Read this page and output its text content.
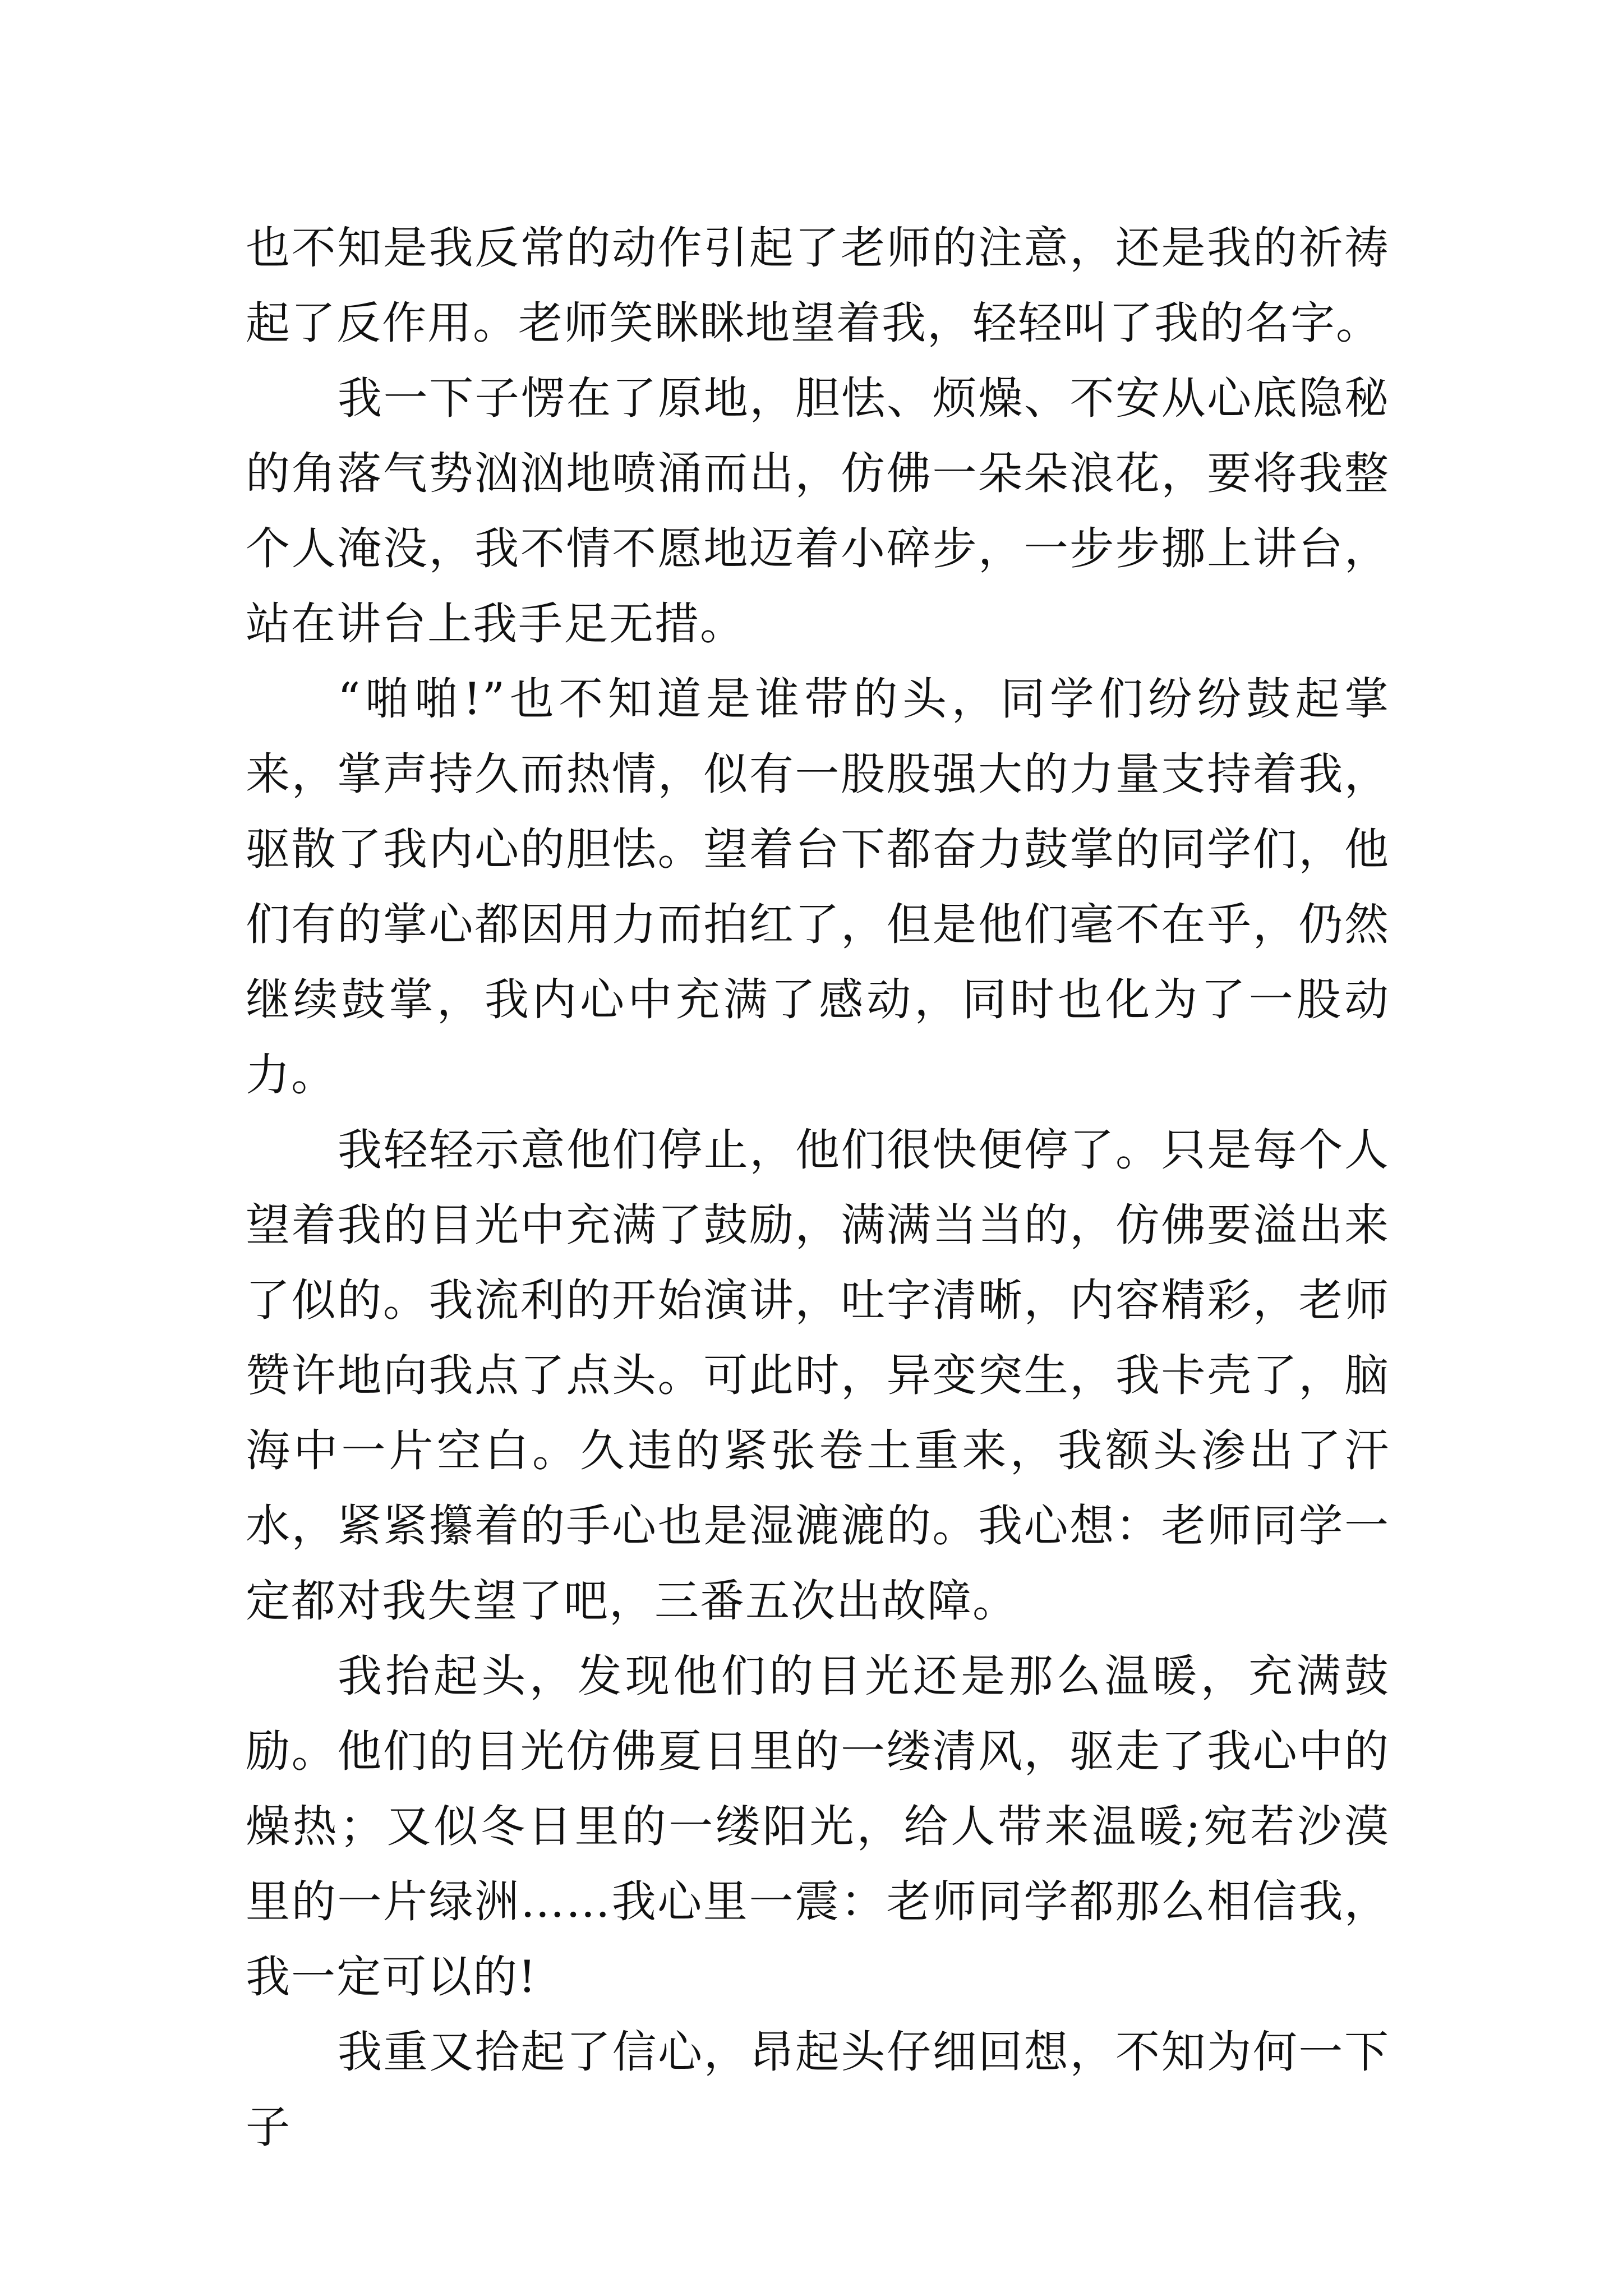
也不知是我反常的动作引起了老师的注意，还是我的祈祷起了反作用。老师笑眯眯地望着我，轻轻叫了我的名字。

我一下子愣在了原地，胆怯、烦燥、不安从心底隐秘的角落气势汹汹地喷涌而出，仿佛一朵朵浪花，要将我整个人淹没，我不情不愿地迈着小碎步，一步步挪上讲台，站在讲台上我手足无措。

“啪啪!”也不知道是谁带的头，同学们纷纷鼓起掌来，掌声持久而热情，似有一股股强大的力量支持着我，驱散了我内心的胆怯。望着台下都奋力鼓掌的同学们，他们有的掌心都因用力而拍红了，但是他们毫不在乎，仍然继续鼓掌，我内心中充满了感动，同时也化为了一股动力。

我轻轻示意他们停止，他们很快便停了。只是每个人望着我的目光中充满了鼓励，满满当当的，仿佛要溢出来了似的。我流利的开始演讲，吐字清晰，内容精彩，老师赞许地向我点了点头。可此时，异变突生，我卡壳了，脑海中一片空白。久违的紧张卷土重来，我额头渗出了汗水，紧紧攥着的手心也是湿漉漉的。我心想：老师同学一定都对我失望了吧，三番五次出故障。

我抬起头，发现他们的目光还是那么温暖，充满鼓励。他们的目光仿佛夏日里的一缕清风，驱走了我心中的燥热；又似冬日里的一缕阳光，给人带来温暖;宛若沙漠里的一片绿洲……我心里一震：老师同学都那么相信我，我一定可以的!

我重又拾起了信心，昂起头仔细回想，不知为何一下子
